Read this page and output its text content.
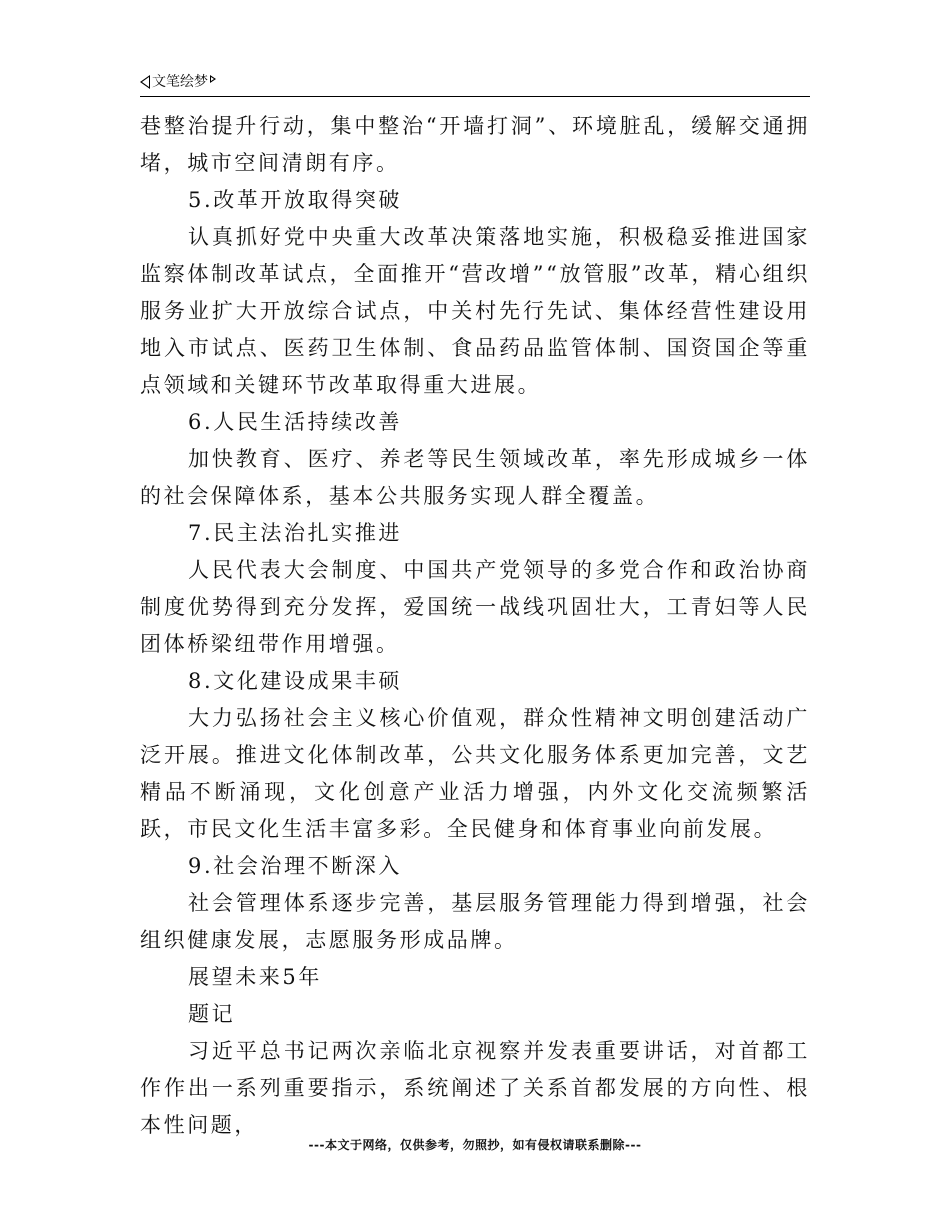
文笔绘梦

巷整治提升行动，集中整治“开墙打洞”、环境脏乱，缓解交通拥堵，城市空间清朗有序。

5.改革开放取得突破

认真抓好党中央重大改革决策落地实施，积极稳妥推进国家监察体制改革试点，全面推开“营改增”“放管服”改革，精心组织服务业扩大开放综合试点，中关村先行先试、集体经营性建设用地入市试点、医药卫生体制、食品药品监管体制、国资国企等重点领域和关键环节改革取得重大进展。

6.人民生活持续改善

加快教育、医疗、养老等民生领域改革，率先形成城乡一体的社会保障体系，基本公共服务实现人群全覆盖。

7.民主法治扎实推进

人民代表大会制度、中国共产党领导的多党合作和政治协商制度优势得到充分发挥，爱国统一战线巩固壮大，工青妇等人民团体桥梁纽带作用增强。

8.文化建设成果丰硕

大力弘扬社会主义核心价值观，群众性精神文明创建活动广泛开展。推进文化体制改革，公共文化服务体系更加完善，文艺精品不断涌现，文化创意产业活力增强，内外文化交流频繁活跃，市民文化生活丰富多彩。全民健身和体育事业向前发展。

9.社会治理不断深入

社会管理体系逐步完善，基层服务管理能力得到增强，社会组织健康发展，志愿服务形成品牌。

展望未来5年

题记

习近平总书记两次亲临北京视察并发表重要讲话，对首都工作作出一系列重要指示，系统阐述了关系首都发展的方向性、根本性问题，

---本文于网络，仅供参考，勿照抄，如有侵权请联系删除---
